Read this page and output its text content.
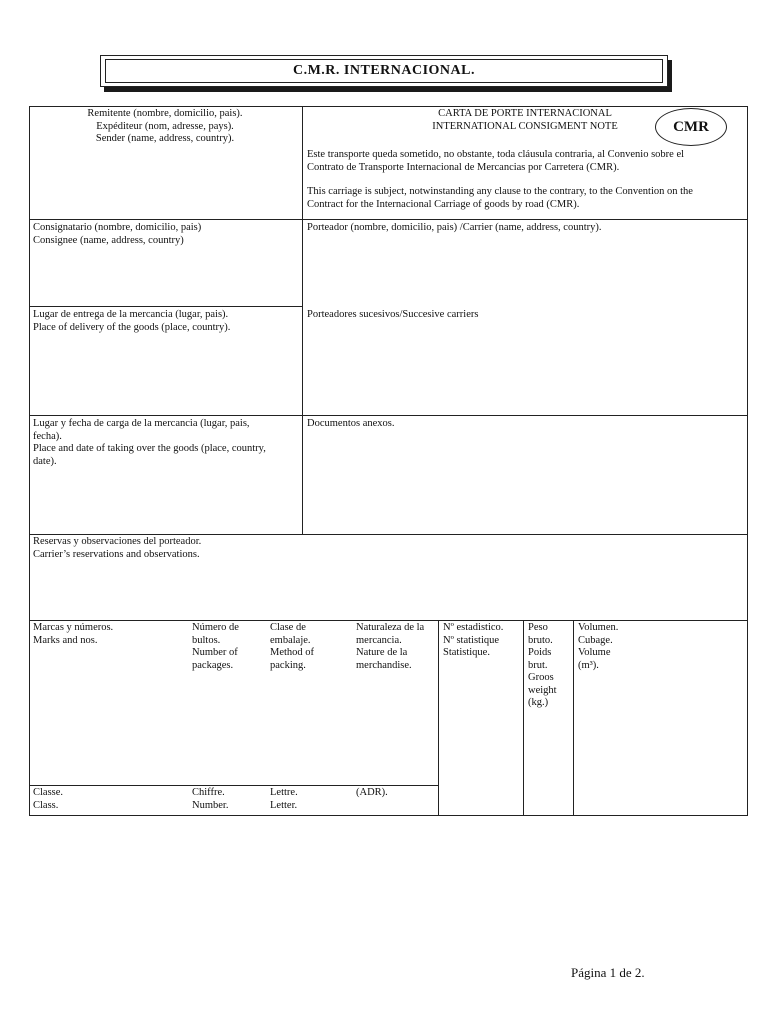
C.M.R. INTERNACIONAL.
Remitente (nombre, domicilio, pais).
Expéditeur (nom, adresse, pays).
Sender (name, address, country).
CARTA DE PORTE INTERNACIONAL
INTERNATIONAL CONSIGMENT NOTE	CMR
Este transporte queda sometido, no obstante, toda cláusula contraria, al Convenio sobre el
Contrato de Transporte Internacional de Mercancias por Carretera (CMR).
This carriage is subject, notwinstanding any clause to the contrary, to the Convention on the
Contract for the Internacional Carriage of goods by road (CMR).
Consignatario (nombre, domicilio, pais)
Consignee (name, address, country)
Porteador (nombre, domicilio, pais) /Carrier (name, address, country).
Lugar de entrega de la mercancia (lugar, pais).
Place of delivery of the goods (place, country).
Porteadores sucesivos/Succesive carriers
Lugar y fecha de carga de la mercancia (lugar, pais,
fecha).
Place and date of taking over the goods (place, country,
date).
Documentos anexos.
Reservas y observaciones del porteador.
Carrier’s reservations and observations.
Marcas y números.
Marks and nos.
Número de
bultos.
Number of
packages.
Clase de
embalaje.
Method of
packing.
Naturaleza de la
mercancia.
Nature de la
merchandise.
Nº estadistico.
Nº statistique
Statistique.
Peso
bruto.
Poids
brut.
Groos
weight
(kg.)
Volumen.
Cubage.
Volume
(m³).
Classe.
Class.
Chiffre.
Number.
Lettre.
Letter.
(ADR).
Página 1 de 2.
